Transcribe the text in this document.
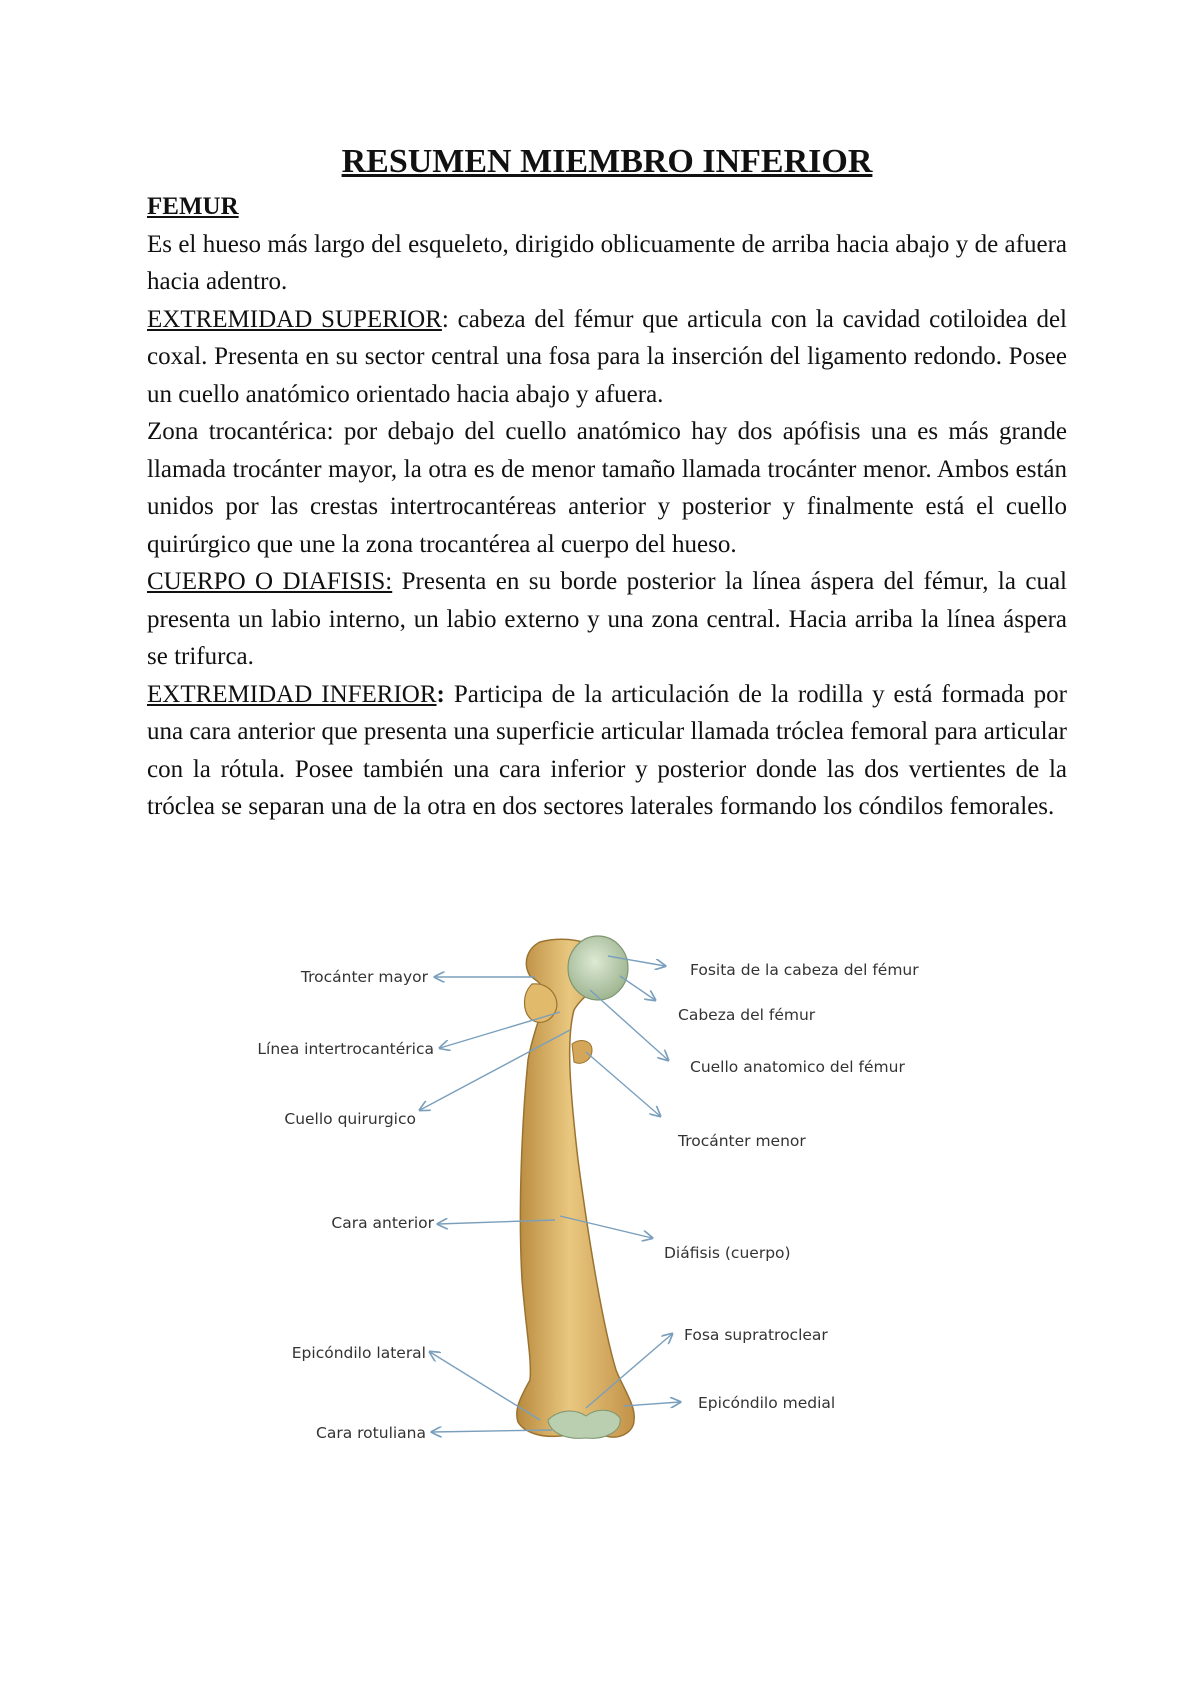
RESUMEN MIEMBRO INFERIOR

FEMUR

Es el hueso más largo del esqueleto, dirigido oblicuamente de arriba hacia abajo y de afuera hacia adentro.

EXTREMIDAD SUPERIOR: cabeza del fémur que articula con la cavidad cotiloidea del coxal. Presenta en su sector central una fosa para la inserción del ligamento redondo. Posee un cuello anatómico orientado hacia abajo y afuera.

Zona trocantérica: por debajo del cuello anatómico hay dos apófisis una es más grande llamada trocánter mayor, la otra es de menor tamaño llamada trocánter menor. Ambos están unidos por las crestas intertrocantéreas anterior y posterior y finalmente está el cuello quirúrgico que une la zona trocantérea al cuerpo del hueso.

CUERPO O DIAFISIS: Presenta en su borde posterior la línea áspera del fémur, la cual presenta un labio interno, un labio externo y una zona central. Hacia arriba la línea áspera se trifurca.

EXTREMIDAD INFERIOR: Participa de la articulación de la rodilla y está formada por una cara anterior que presenta una superficie articular llamada tróclea femoral para articular con la rótula. Posee también una cara inferior y posterior donde las dos vertientes de la tróclea se separan una de la otra en dos sectores laterales formando los cóndilos femorales.

Trocánter mayor
Línea intertrocantérica
Cuello quirurgico
Cara anterior
Epicóndilo lateral
Cara rotuliana
Fosita de la cabeza del fémur
Cabeza del fémur
Cuello anatomico del fémur
Trocánter menor
Diáfisis (cuerpo)
Fosa supratroclear
Epicóndilo medial
